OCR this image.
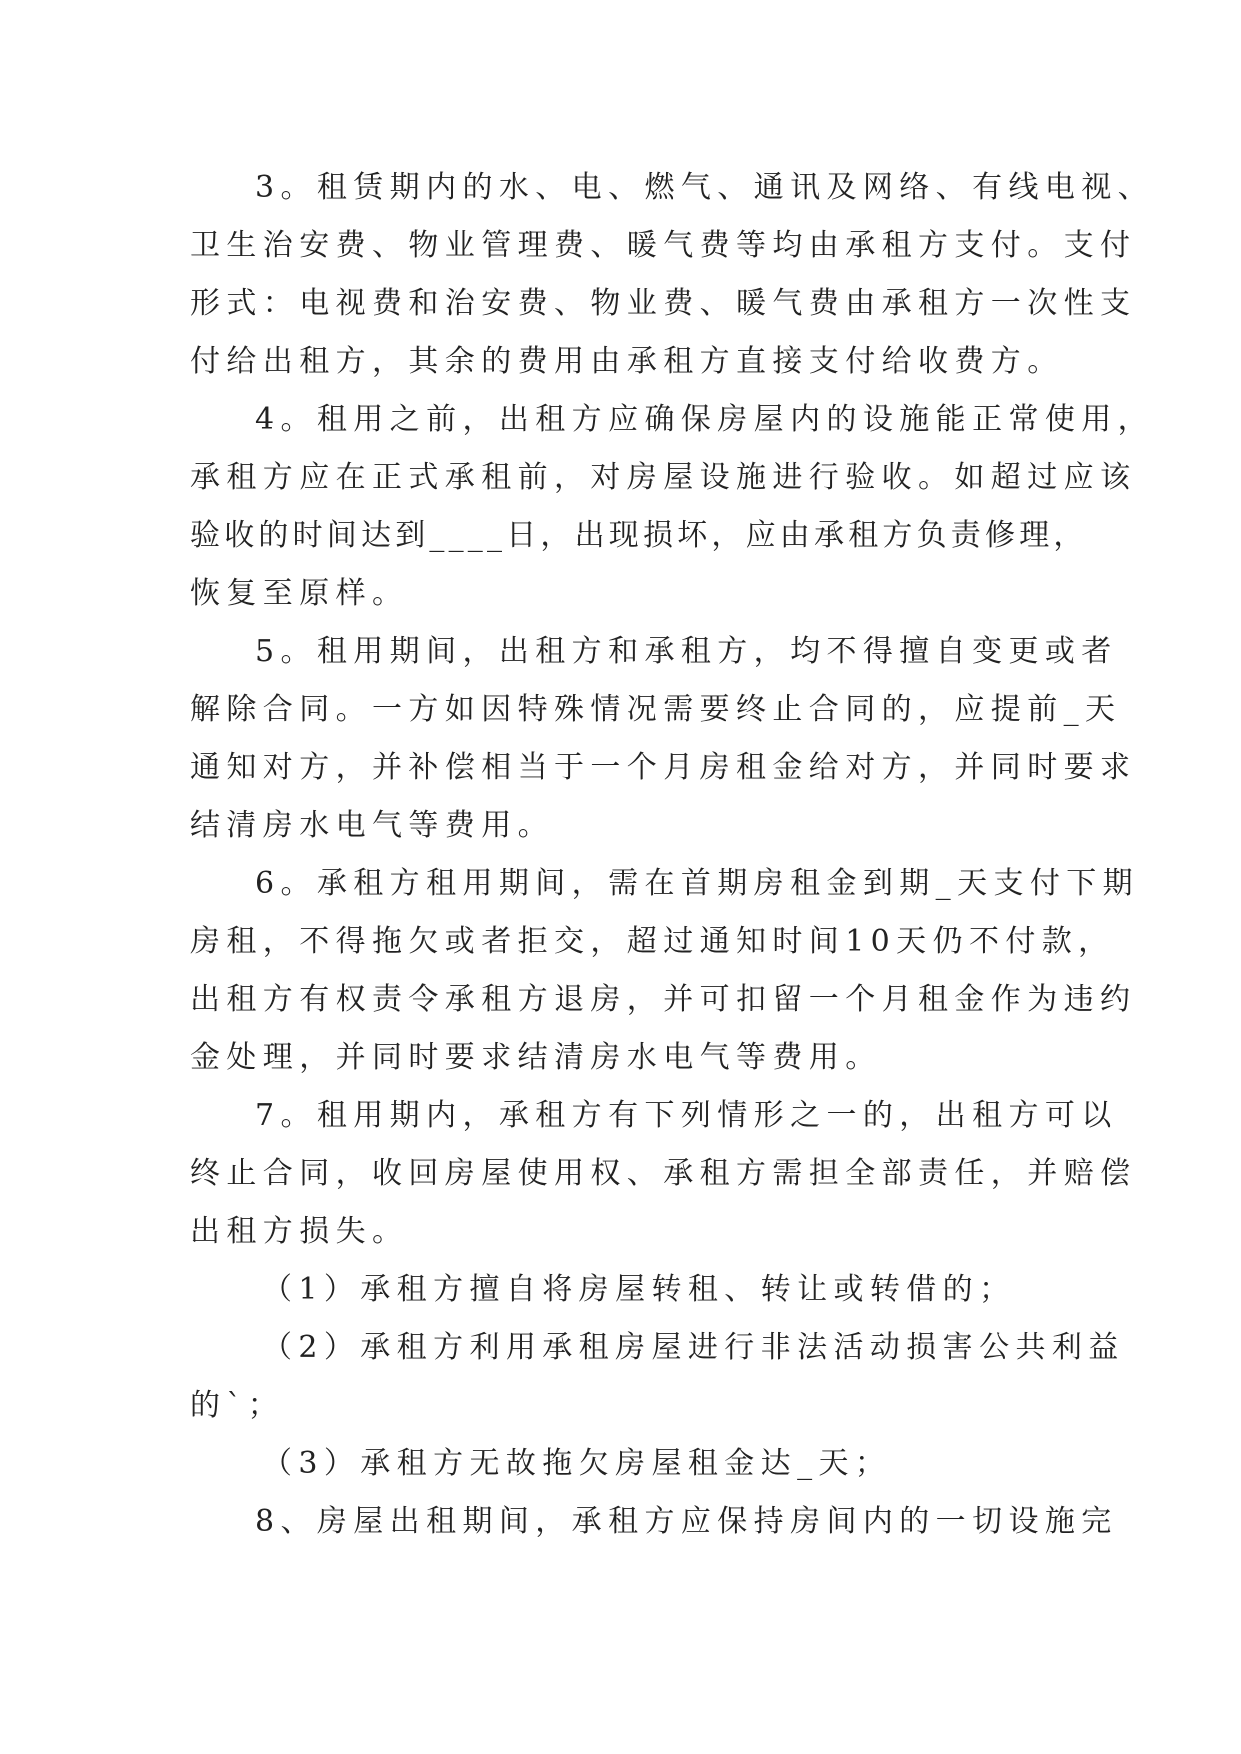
3。租赁期内的水、电、燃气、通讯及网络、有线电视、
卫生治安费、物业管理费、暖气费等均由承租方支付。支付
形式：电视费和治安费、物业费、暖气费由承租方一次性支
付给出租方，其余的费用由承租方直接支付给收费方。
4。租用之前，出租方应确保房屋内的设施能正常使用，
承租方应在正式承租前，对房屋设施进行验收。如超过应该
验收的时间达到____日，出现损坏，应由承租方负责修理，
恢复至原样。
5。租用期间，出租方和承租方，均不得擅自变更或者
解除合同。一方如因特殊情况需要终止合同的，应提前_天
通知对方，并补偿相当于一个月房租金给对方，并同时要求
结清房水电气等费用。
6。承租方租用期间，需在首期房租金到期_天支付下期
房租，不得拖欠或者拒交，超过通知时间10天仍不付款，
出租方有权责令承租方退房，并可扣留一个月租金作为违约
金处理，并同时要求结清房水电气等费用。
7。租用期内，承租方有下列情形之一的，出租方可以
终止合同，收回房屋使用权、承租方需担全部责任，并赔偿
出租方损失。
（1）承租方擅自将房屋转租、转让或转借的；
（2）承租方利用承租房屋进行非法活动损害公共利益
的`；
（3）承租方无故拖欠房屋租金达_天；
8、房屋出租期间，承租方应保持房间内的一切设施完
